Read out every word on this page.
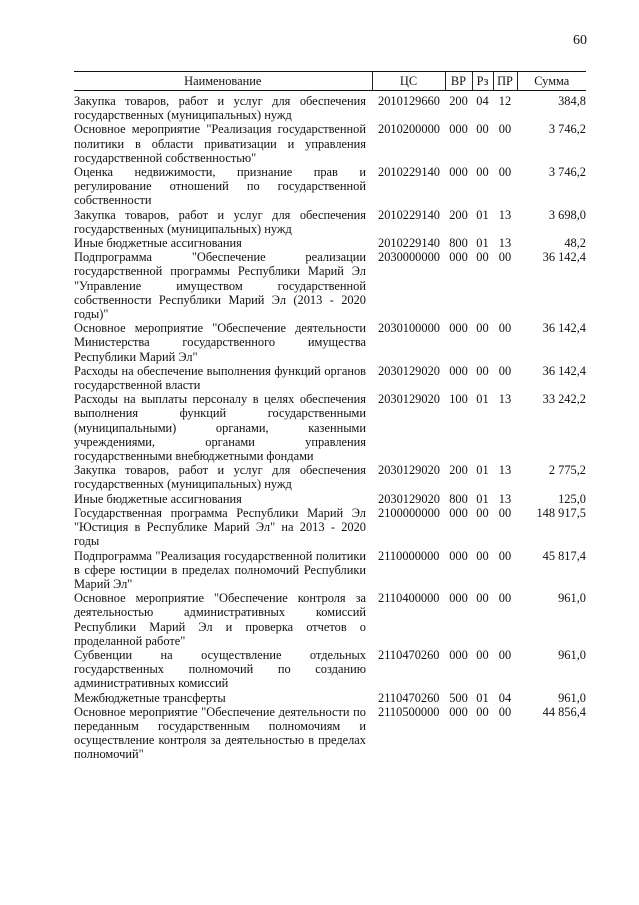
60
Наименование	ЦС	ВР	Рз	ПР	Сумма
Закупка товаров, работ и услуг для обеспечения государственных (муниципальных) нужд	2010129660	200	04	12	384,8
Основное мероприятие "Реализация государственной политики в области приватизации и управления государственной собственностью"	2010200000	000	00	00	3 746,2
Оценка недвижимости, признание прав и регулирование отношений по государственной собственности	2010229140	000	00	00	3 746,2
Закупка товаров, работ и услуг для обеспечения государственных (муниципальных) нужд	2010229140	200	01	13	3 698,0
Иные бюджетные ассигнования	2010229140	800	01	13	48,2
Подпрограмма "Обеспечение реализации государственной программы Республики Марий Эл "Управление имуществом государственной собственности Республики Марий Эл (2013 - 2020 годы)"	2030000000	000	00	00	36 142,4
Основное мероприятие "Обеспечение деятельности Министерства государственного имущества Республики Марий Эл"	2030100000	000	00	00	36 142,4
Расходы на обеспечение выполнения функций органов государственной власти	2030129020	000	00	00	36 142,4
Расходы на выплаты персоналу в целях обеспечения выполнения функций государственными (муниципальными) органами, казенными учреждениями, органами управления государственными внебюджетными фондами	2030129020	100	01	13	33 242,2
Закупка товаров, работ и услуг для обеспечения государственных (муниципальных) нужд	2030129020	200	01	13	2 775,2
Иные бюджетные ассигнования	2030129020	800	01	13	125,0
Государственная программа Республики Марий Эл "Юстиция в Республике Марий Эл" на 2013 - 2020 годы	2100000000	000	00	00	148 917,5
Подпрограмма "Реализация государственной политики в сфере юстиции в пределах полномочий Республики Марий Эл"	2110000000	000	00	00	45 817,4
Основное мероприятие "Обеспечение контроля за деятельностью административных комиссий Республики Марий Эл и проверка отчетов о проделанной работе"	2110400000	000	00	00	961,0
Субвенции на осуществление отдельных государственных полномочий по созданию административных комиссий	2110470260	000	00	00	961,0
Межбюджетные трансферты	2110470260	500	01	04	961,0
Основное мероприятие "Обеспечение деятельности по переданным государственным полномочиям и осуществление контроля за деятельностью в пределах полномочий"	2110500000	000	00	00	44 856,4
